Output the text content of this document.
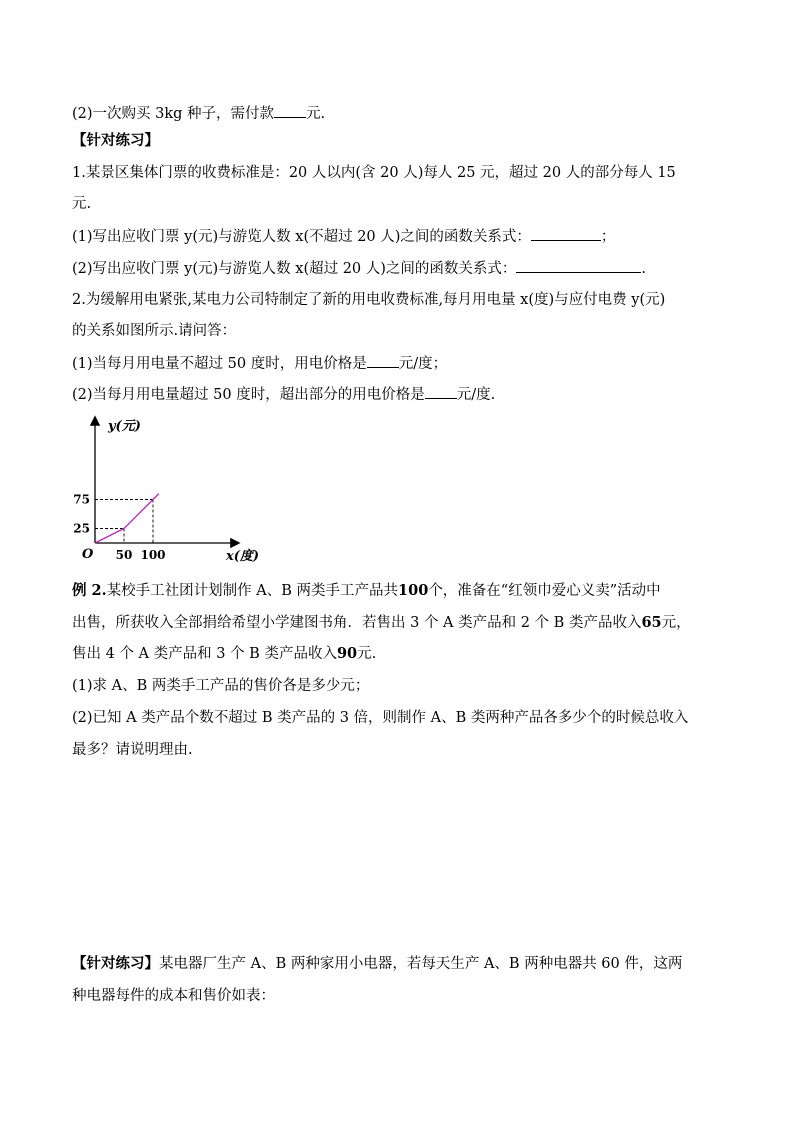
(2)一次购买 3kg 种子，需付款 元.
【针对练习】
1.某景区集体门票的收费标准是：20 人以内(含 20 人)每人 25 元，超过 20 人的部分每人 15
元.
(1)写出应收门票 y(元)与游览人数 x(不超过 20 人)之间的函数关系式：	；
(2)写出应收门票 y(元)与游览人数 x(超过 20 人)之间的函数关系式：	.
2.为缓解用电紧张,某电力公司特制定了新的用电收费标准,每月用电量 x(度)与应付电费 y(元)
的关系如图所示.请问答：
(1)当每月用电量不超过 50 度时，用电价格是 元/度；
(2)当每月用电量超过 50 度时，超出部分的用电价格是 元/度.
y(元)
x(度)
O 50 100
25
75
例 2.某校手工社团计划制作 A、B 两类手工产品共100个，准备在“红领巾爱心义卖”活动中
出售，所获收入全部捐给希望小学建图书角．若售出 3 个 A 类产品和 2 个 B 类产品收入65元，
售出 4 个 A 类产品和 3 个 B 类产品收入90元.
(1)求 A、B 两类手工产品的售价各是多少元；
(2)已知 A 类产品个数不超过 B 类产品的 3 倍，则制作 A、B 类两种产品各多少个的时候总收入
最多？请说明理由.
【针对练习】某电器厂生产 A、B 两种家用小电器，若每天生产 A、B 两种电器共 60 件，这两
种电器每件的成本和售价如表：
